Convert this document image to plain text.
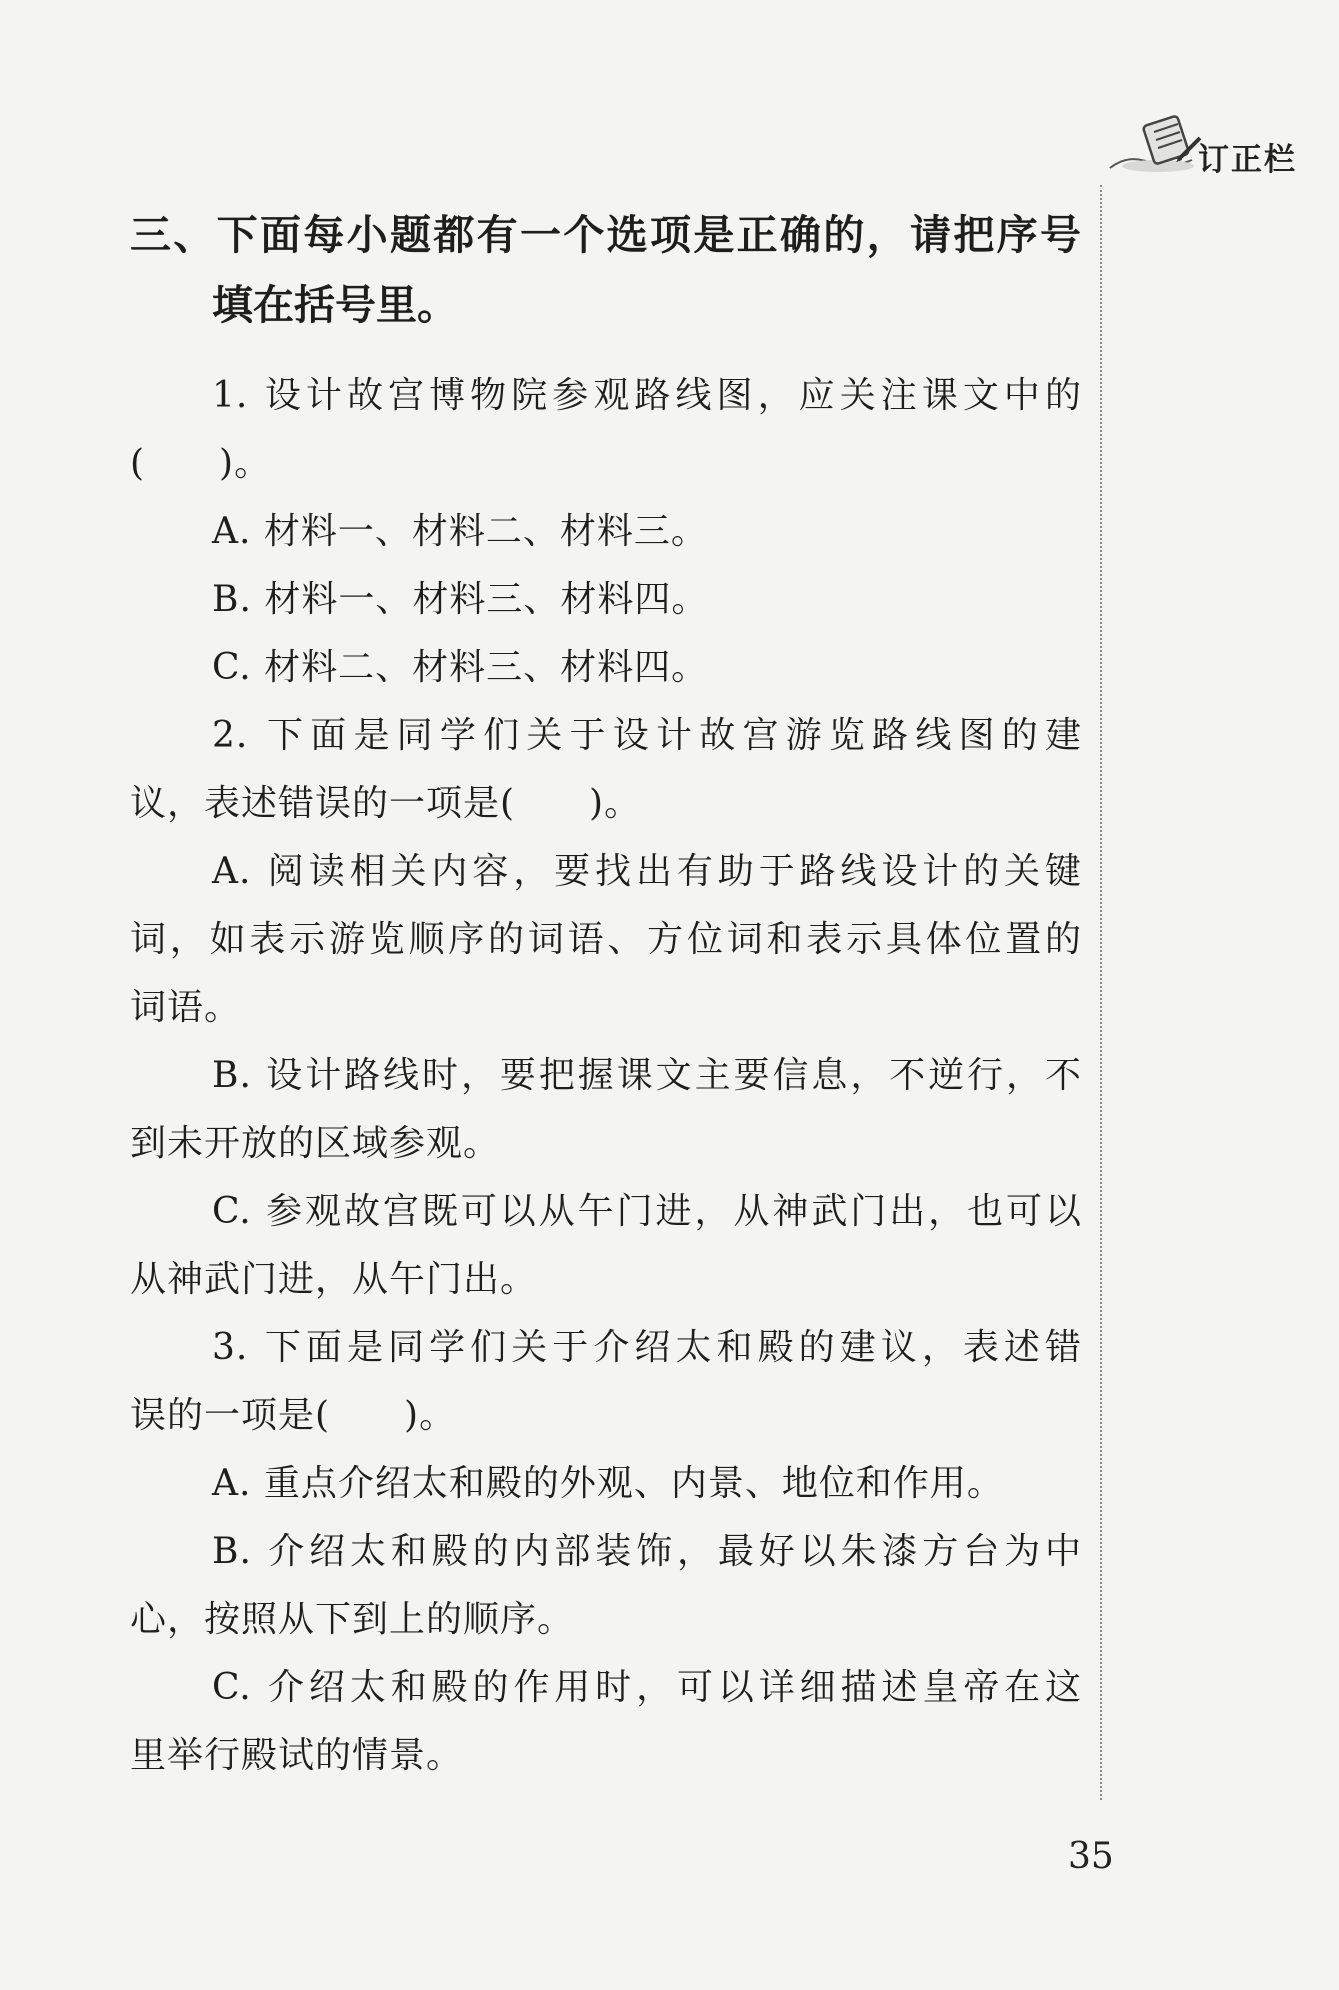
订正栏

三、下面每小题都有一个选项是正确的，请把序号

填在括号里。

1. 设计故宫博物院参观路线图，应关注课文中的

(　　)。

A. 材料一、材料二、材料三。

B. 材料一、材料三、材料四。

C. 材料二、材料三、材料四。

2. 下面是同学们关于设计故宫游览路线图的建

议，表述错误的一项是(　　)。

A. 阅读相关内容，要找出有助于路线设计的关键

词，如表示游览顺序的词语、方位词和表示具体位置的

词语。

B. 设计路线时，要把握课文主要信息，不逆行，不

到未开放的区域参观。

C. 参观故宫既可以从午门进，从神武门出，也可以

从神武门进，从午门出。

3. 下面是同学们关于介绍太和殿的建议，表述错

误的一项是(　　)。

A. 重点介绍太和殿的外观、内景、地位和作用。

B. 介绍太和殿的内部装饰，最好以朱漆方台为中

心，按照从下到上的顺序。

C. 介绍太和殿的作用时，可以详细描述皇帝在这

里举行殿试的情景。

35
